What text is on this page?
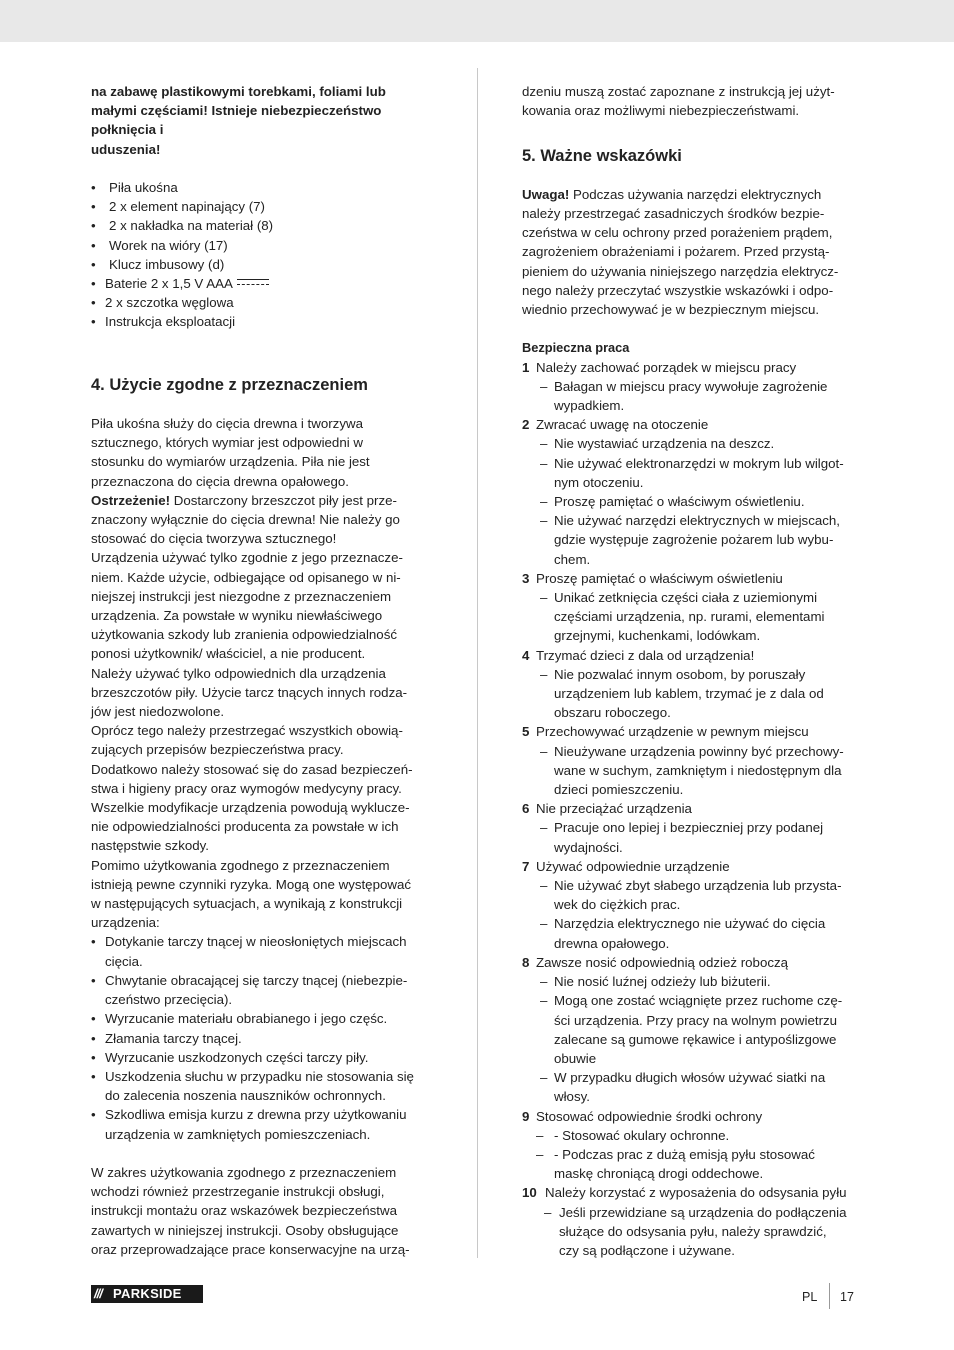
na zabawę plastikowymi torebkami, foliami lub
małymi częściami! Istnieje niebezpieczeństwo
połknięcia i
uduszenia!
• Piła ukośna
• 2 x element napinający (7)
• 2 x nakładka na materiał (8)
• Worek na wióry (17)
• Klucz imbusowy (d)
• Baterie 2 x 1,5 V AAA
• 2 x szczotka węglowa
• Instrukcja eksploatacji
4. Użycie zgodne z przeznaczeniem
Piła ukośna służy do cięcia drewna i tworzywa
sztucznego, których wymiar jest odpowiedni w
stosunku do wymiarów urządzenia. Piła nie jest
przeznaczona do cięcia drewna opałowego.
Ostrzeżenie! Dostarczony brzeszczot piły jest prze-
znaczony wyłącznie do cięcia drewna! Nie należy go
stosować do cięcia tworzywa sztucznego!
Urządzenia używać tylko zgodnie z jego przeznacze-
niem. Każde użycie, odbiegające od opisanego w ni-
niejszej instrukcji jest niezgodne z przeznaczeniem
urządzenia. Za powstałe w wyniku niewłaściwego
użytkowania szkody lub zranienia odpowiedzialność
ponosi użytkownik/ właściciel, a nie producent.
Należy używać tylko odpowiednich dla urządzenia
brzeszczotów piły. Użycie tarcz tnących innych rodza-
jów jest niedozwolone.
Oprócz tego należy przestrzegać wszystkich obowią-
zujących przepisów bezpieczeństwa pracy.
Dodatkowo należy stosować się do zasad bezpieczeń-
stwa i higieny pracy oraz wymogów medycyny pracy.
Wszelkie modyfikacje urządzenia powodują wyklucze-
nie odpowiedzialności producenta za powstałe w ich
następstwie szkody.
Pomimo użytkowania zgodnego z przeznaczeniem
istnieją pewne czynniki ryzyka. Mogą one występować
w następujących sytuacjach, a wynikają z konstrukcji
urządzenia:
• Dotykanie tarczy tnącej w nieosłoniętych miejscach
cięcia.
• Chwytanie obracającej się tarczy tnącej (niebezpie-
czeństwo przecięcia).
• Wyrzucanie materiału obrabianego i jego częśc.
• Złamania tarczy tnącej.
• Wyrzucanie uszkodzonych części tarczy piły.
• Uszkodzenia słuchu w przypadku nie stosowania się
do zalecenia noszenia nauszników ochronnych.
• Szkodliwa emisja kurzu z drewna przy użytkowaniu
urządzenia w zamkniętych pomieszczeniach.
W zakres użytkowania zgodnego z przeznaczeniem
wchodzi również przestrzeganie instrukcji obsługi,
instrukcji montażu oraz wskazówek bezpieczeństwa
zawartych w niniejszej instrukcji. Osoby obsługujące
oraz przeprowadzające prace konserwacyjne na urzą-
dzeniu muszą zostać zapoznane z instrukcją jej użyt-
kowania oraz możliwymi niebezpieczeństwami.
5. Ważne wskazówki
Uwaga! Podczas używania narzędzi elektrycznych
należy przestrzegać zasadniczych środków bezpie-
czeństwa w celu ochrony przed porażeniem prądem,
zagrożeniem obrażeniami i pożarem. Przed przystą-
pieniem do używania niniejszego narzędzia elektrycz-
nego należy przeczytać wszystkie wskazówki i odpo-
wiednio przechowywać je w bezpiecznym miejscu.
Bezpieczna praca
1 Należy zachować porządek w miejscu pracy
– Bałagan w miejscu pracy wywołuje zagrożenie
wypadkiem.
2 Zwracać uwagę na otoczenie
– Nie wystawiać urządzenia na deszcz.
– Nie używać elektronarzędzi w mokrym lub wilgot-
nym otoczeniu.
– Proszę pamiętać o właściwym oświetleniu.
– Nie używać narzędzi elektrycznych w miejscach,
gdzie występuje zagrożenie pożarem lub wybu-
chem.
3 Proszę pamiętać o właściwym oświetleniu
– Unikać zetknięcia części ciała z uziemionymi
częściami urządzenia, np. rurami, elementami
grzejnymi, kuchenkami, lodówkam.
4 Trzymać dzieci z dala od urządzenia!
– Nie pozwalać innym osobom, by poruszały
urządzeniem lub kablem, trzymać je z dala od
obszaru roboczego.
5 Przechowywać urządzenie w pewnym miejscu
– Nieużywane urządzenia powinny być przechowy-
wane w suchym, zamkniętym i niedostępnym dla
dzieci pomieszczeniu.
6 Nie przeciążać urządzenia
– Pracuje ono lepiej i bezpieczniej przy podanej
wydajności.
7 Używać odpowiednie urządzenie
– Nie używać zbyt słabego urządzenia lub przysta-
wek do ciężkich prac.
– Narzędzia elektrycznego nie używać do cięcia
drewna opałowego.
8 Zawsze nosić odpowiednią odzież roboczą
– Nie nosić luźnej odzieży lub biżuterii.
– Mogą one zostać wciągnięte przez ruchome czę-
ści urządzenia. Przy pracy na wolnym powietrzu
zalecane są gumowe rękawice i antypoślizgowe
obuwie
– W przypadku długich włosów używać siatki na
włosy.
9 Stosować odpowiednie środki ochrony
– - Stosować okulary ochronne.
– - Podczas prac z dużą emisją pyłu stosować
maskę chroniącą drogi oddechowe.
10 Należy korzystać z wyposażenia do odsysania pyłu
– Jeśli przewidziane są urządzenia do podłączenia
służące do odsysania pyłu, należy sprawdzić,
czy są podłączone i używane.
/// PARKSIDE	PL 17
